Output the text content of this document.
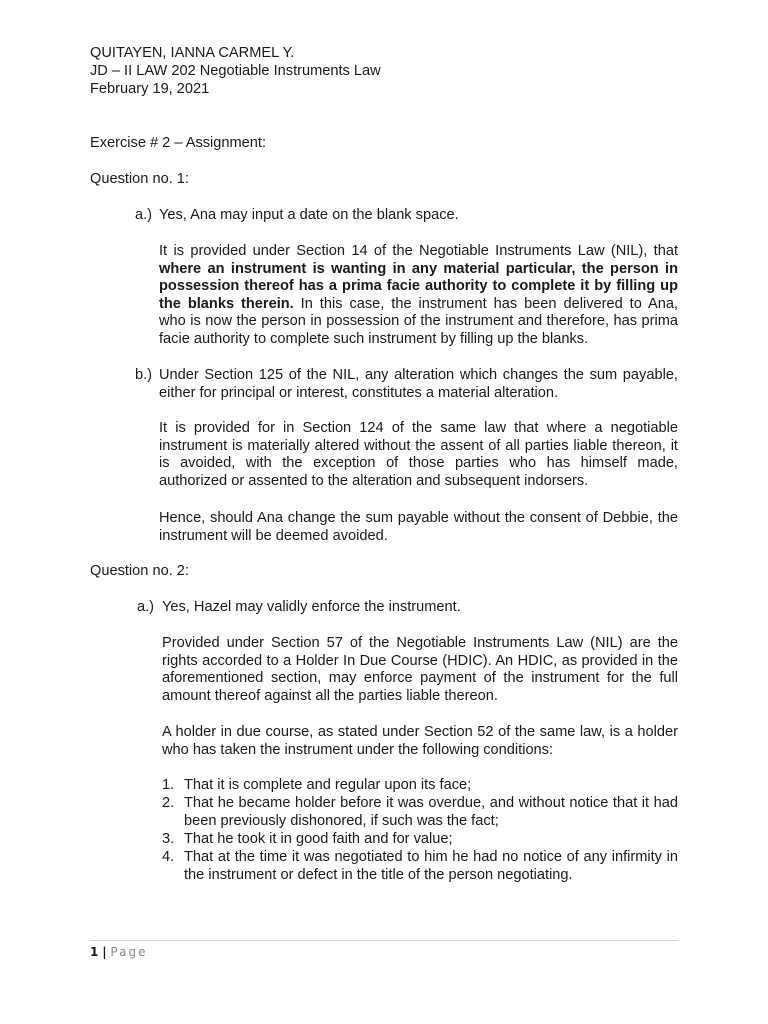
QUITAYEN, IANNA CARMEL Y.
JD – II LAW 202 Negotiable Instruments Law
February 19, 2021
Exercise # 2 – Assignment:
Question no. 1:
a.) Yes, Ana may input a date on the blank space.
It is provided under Section 14 of the Negotiable Instruments Law (NIL), that
where an instrument is wanting in any material particular, the person in
possession thereof has a prima facie authority to complete it by filling up
the blanks therein. In this case, the instrument has been delivered to Ana,
who is now the person in possession of the instrument and therefore, has prima
facie authority to complete such instrument by filling up the blanks.
b.) Under Section 125 of the NIL, any alteration which changes the sum payable,
either for principal or interest, constitutes a material alteration.
It is provided for in Section 124 of the same law that where a negotiable instrument is materially altered without the assent of all parties liable thereon, it is avoided, with the exception of those parties who has himself made, authorized or assented to the alteration and subsequent indorsers.
Hence, should Ana change the sum payable without the consent of Debbie, the instrument will be deemed avoided.
Question no. 2:
a.) Yes, Hazel may validly enforce the instrument.
Provided under Section 57 of the Negotiable Instruments Law (NIL) are the rights accorded to a Holder In Due Course (HDIC). An HDIC, as provided in the aforementioned section, may enforce payment of the instrument for the full amount thereof against all the parties liable thereon.
A holder in due course, as stated under Section 52 of the same law, is a holder who has taken the instrument under the following conditions:
1. That it is complete and regular upon its face;
2. That he became holder before it was overdue, and without notice that it had been previously dishonored, if such was the fact;
3. That he took it in good faith and for value;
4. That at the time it was negotiated to him he had no notice of any infirmity in the instrument or defect in the title of the person negotiating.
1 | Page
